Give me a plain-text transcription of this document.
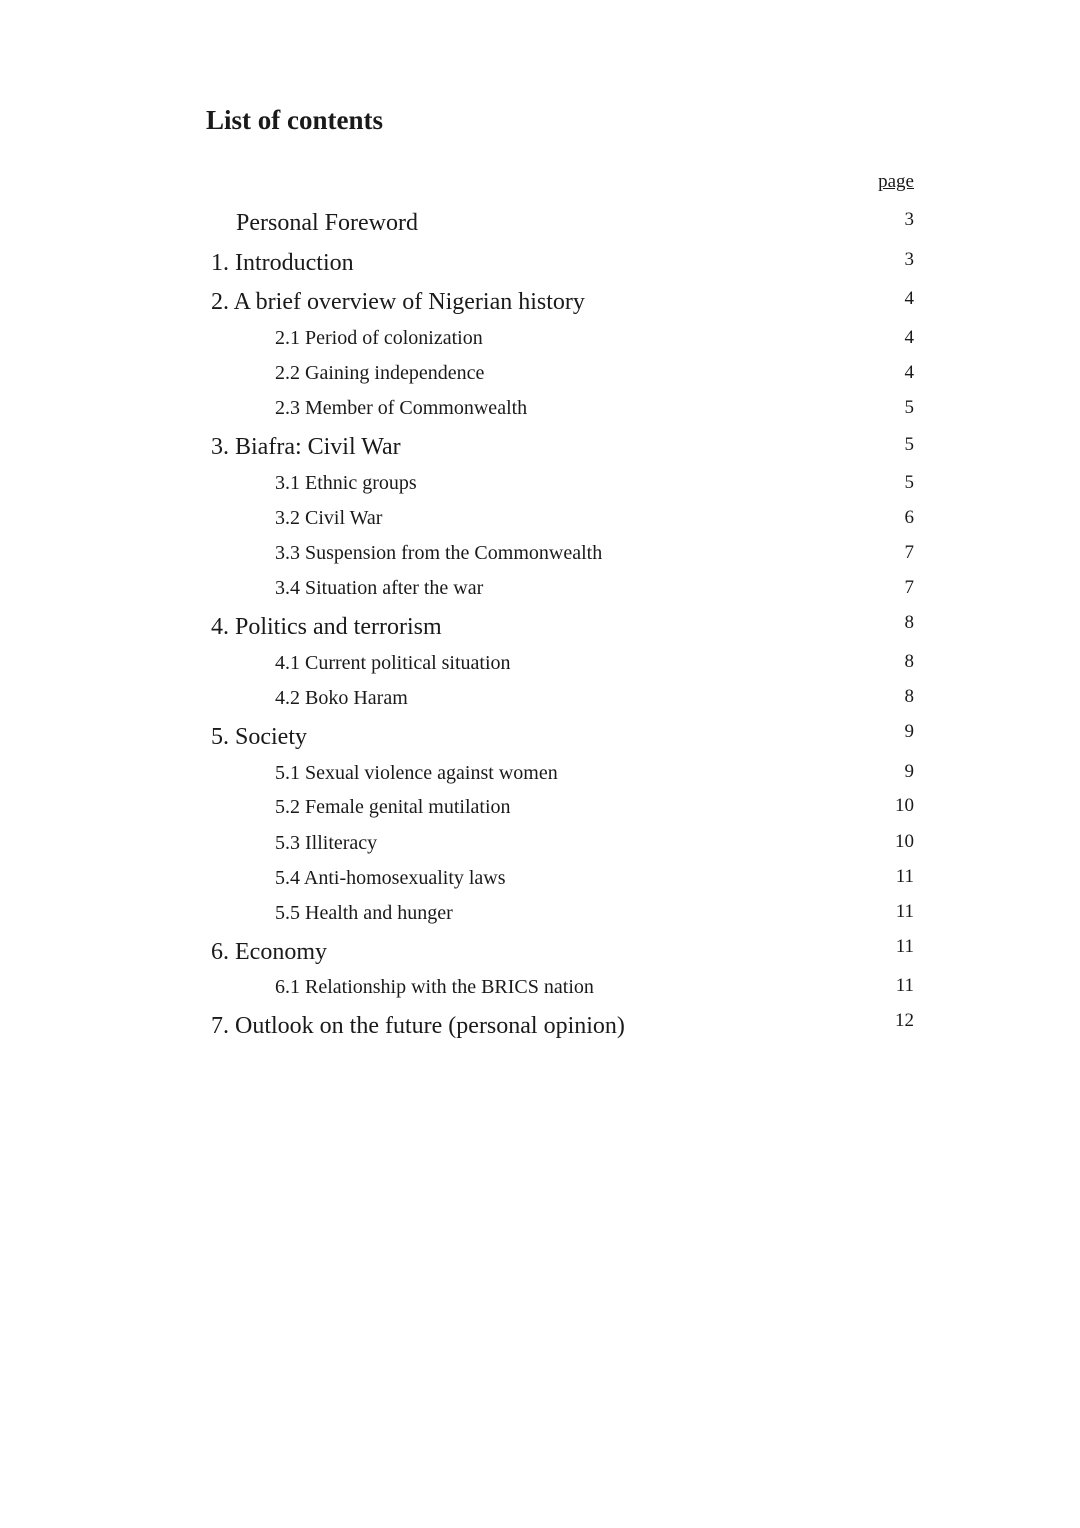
List of contents
page
Personal Foreword	3
1. Introduction	3
2. A brief overview of Nigerian history	4
2.1 Period of colonization	4
2.2 Gaining independence	4
2.3 Member of Commonwealth	5
3. Biafra: Civil War	5
3.1 Ethnic groups	5
3.2 Civil War	6
3.3 Suspension from the Commonwealth	7
3.4 Situation after the war	7
4. Politics and terrorism	8
4.1 Current political situation	8
4.2 Boko Haram	8
5. Society	9
5.1 Sexual violence against women	9
5.2 Female genital mutilation	10
5.3 Illiteracy	10
5.4 Anti-homosexuality laws	11
5.5 Health and hunger	11
6. Economy	11
6.1 Relationship with the BRICS nation	11
7. Outlook on the future (personal opinion)	12
